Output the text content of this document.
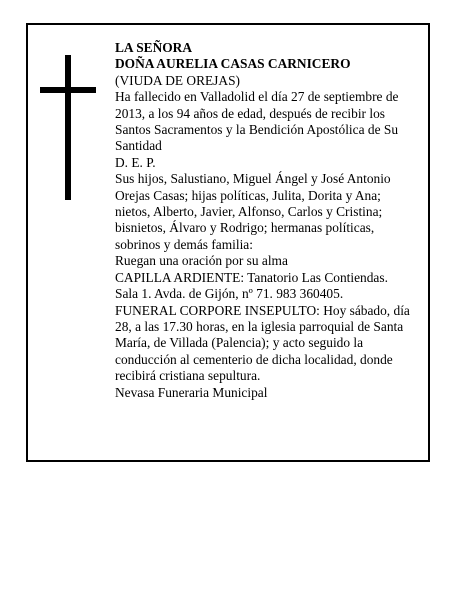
LA SEÑORA

DOÑA AURELIA CASAS CARNICERO

(VIUDA DE OREJAS)

Ha fallecido en Valladolid el día 27 de septiembre de 2013, a los 94 años de edad, después de recibir los Santos Sacramentos y la Bendición Apostólica de Su Santidad

D. E. P.

Sus hijos, Salustiano, Miguel Ángel y José Antonio Orejas Casas; hijas políticas, Julita, Dorita y Ana; nietos, Alberto, Javier, Alfonso, Carlos y Cristina; bisnietos, Álvaro y Rodrigo; hermanas políticas, sobrinos y demás familia:

Ruegan una oración por su alma

CAPILLA ARDIENTE: Tanatorio Las Contiendas. Sala 1. Avda. de Gijón, nº 71. 983 360405.

FUNERAL CORPORE INSEPULTO: Hoy sábado, día 28, a las 17.30 horas, en la iglesia parroquial de Santa María, de Villada (Palencia); y acto seguido la conducción al cementerio de dicha localidad, donde recibirá cristiana sepultura.

Nevasa Funeraria Municipal
